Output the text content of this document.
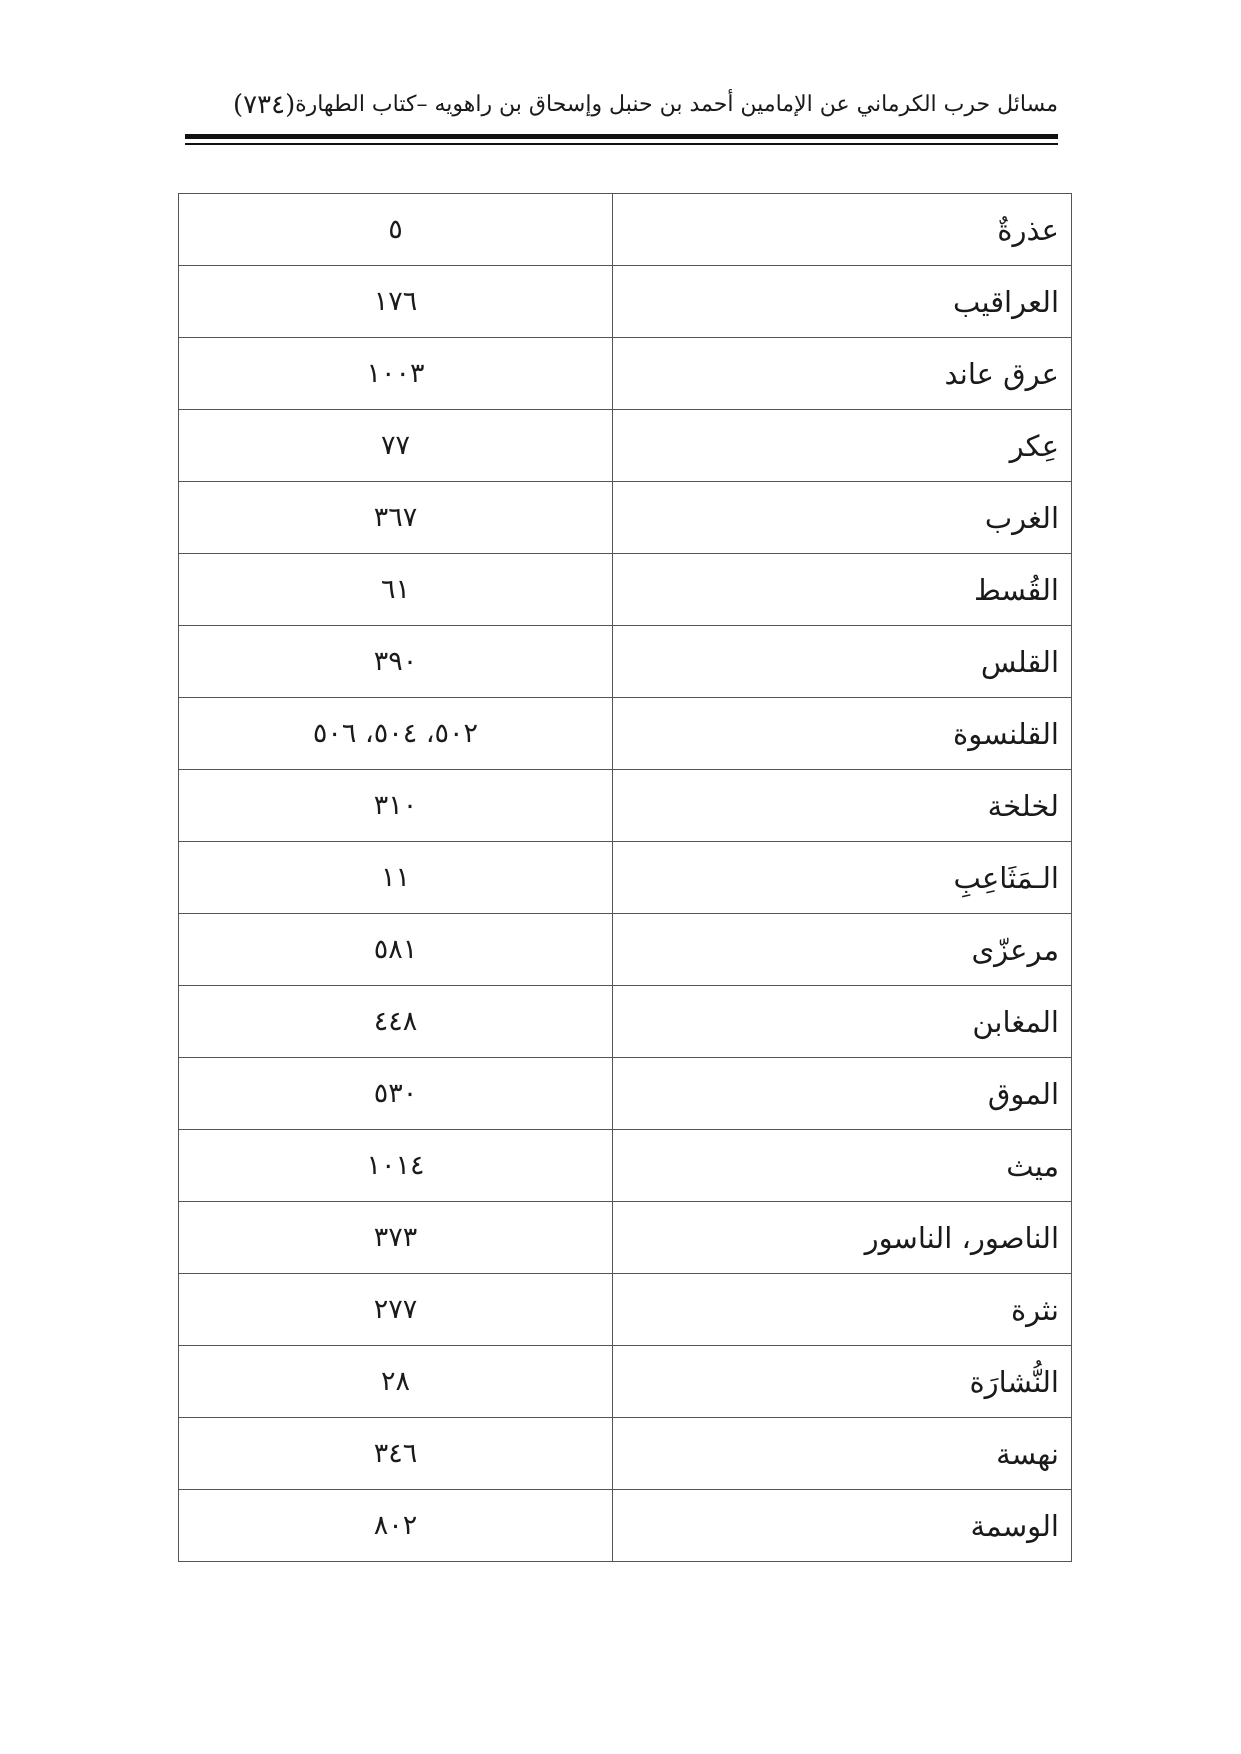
مسائل حرب الكرماني عن الإمامين أحمد بن حنبل وإسحاق بن راهويه –كتاب الطهارة
(٧٣٤)
عذرةٌ	٥
العراقيب	١٧٦
عرق عاند	١٠٠٣
عِكر	٧٧
الغرب	٣٦٧
القُسط	٦١
القلس	٣٩٠
القلنسوة	٥٠٢، ٥٠٤، ٥٠٦
لخلخة	٣١٠
الـمَثَاعِبِ	١١
مرعزّى	٥٨١
المغابن	٤٤٨
الموق	٥٣٠
ميث	١٠١٤
الناصور، الناسور	٣٧٣
نثرة	٢٧٧
النُّشارَة	٢٨
نهسة	٣٤٦
الوسمة	٨٠٢
